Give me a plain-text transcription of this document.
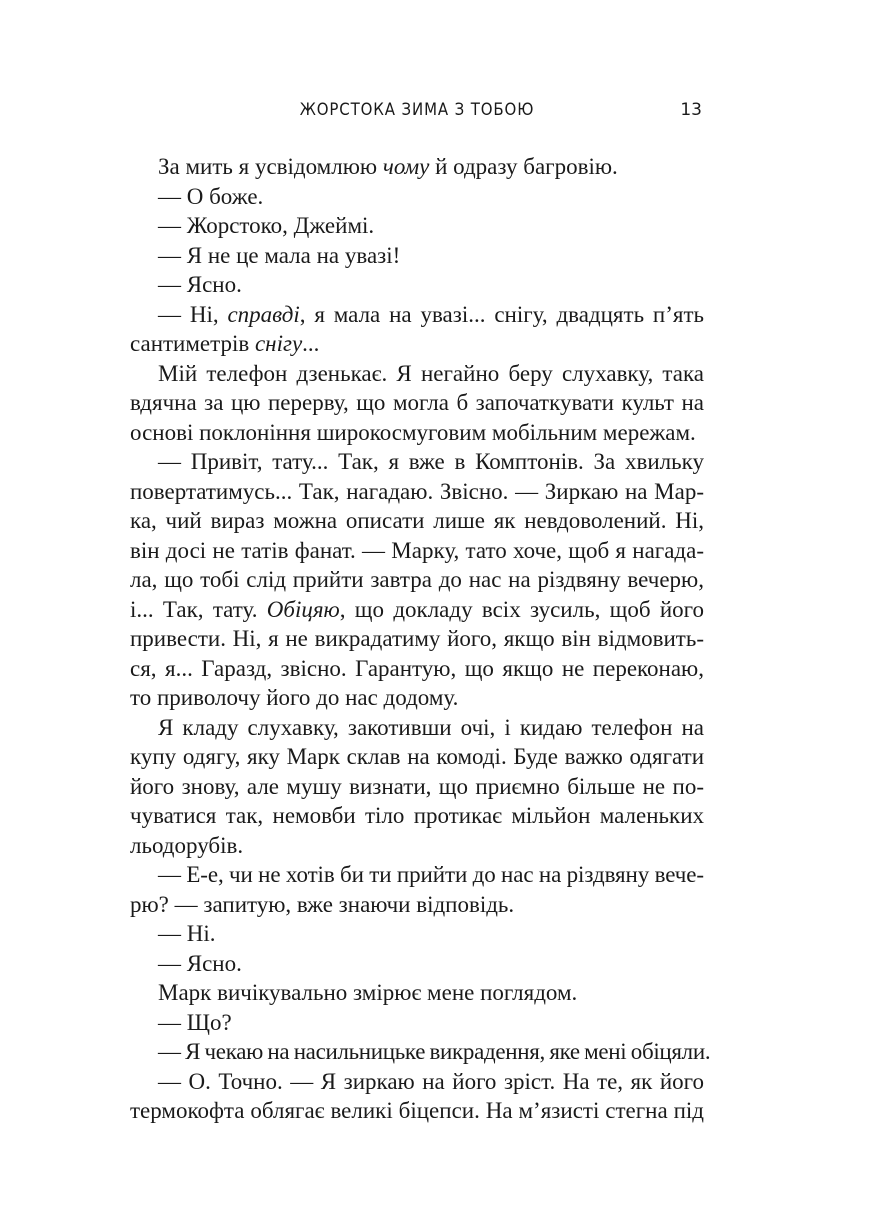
ЖОРСТОКА ЗИМА З ТОБОЮ	13
За мить я усвідомлюю чому й одразу багровію.
— О боже.
— Жорстоко, Джеймі.
— Я не це мала на увазі!
— Ясно.
— Ні, справді, я мала на увазі... снігу, двадцять п’ять
сантиметрів снігу...
Мій телефон дзенькає. Я негайно беру слухавку, така
вдячна за цю перерву, що могла б започаткувати культ на
основі поклоніння широкосмуговим мобільним мережам.
— Привіт, тату... Так, я вже в Комптонів. За хвильку
повертатимусь... Так, нагадаю. Звісно. — Зиркаю на Мар-
ка, чий вираз можна описати лише як невдоволений. Ні,
він досі не татів фанат. — Марку, тато хоче, щоб я нагада-
ла, що тобі слід прийти завтра до нас на різдвяну вечерю,
і... Так, тату. Обіцяю, що докладу всіх зусиль, щоб його
привести. Ні, я не викрадатиму його, якщо він відмовить-
ся, я... Гаразд, звісно. Гарантую, що якщо не переконаю,
то приволочу його до нас додому.
Я кладу слухавку, закотивши очі, і кидаю телефон на
купу одягу, яку Марк склав на комоді. Буде важко одягати
його знову, але мушу визнати, що приємно більше не по-
чуватися так, немовби тіло протикає мільйон маленьких
льодорубів.
— Е-е, чи не хотів би ти прийти до нас на різдвяну вече-
рю? — запитую, вже знаючи відповідь.
— Ні.
— Ясно.
Марк вичікувально змірює мене поглядом.
— Що?
— Я чекаю на насильницьке викрадення, яке мені обіцяли.
— О. Точно. — Я зиркаю на його зріст. На те, як його
термокофта облягає великі біцепси. На м’язисті стегна під
